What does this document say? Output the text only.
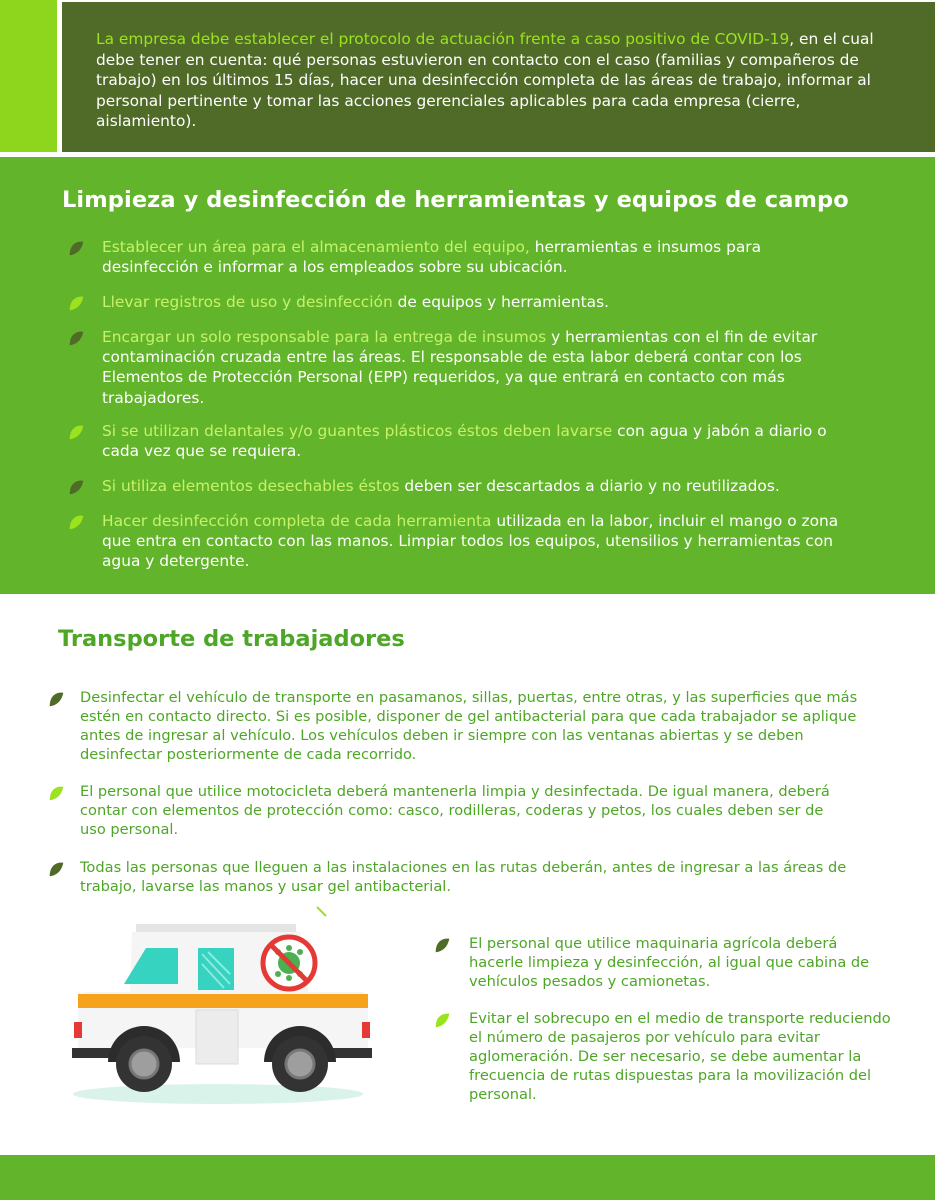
La empresa debe establecer el protocolo de actuación frente a caso positivo de COVID-19, en el cual debe tener en cuenta: qué personas estuvieron en contacto con el caso (familias y compañeros de trabajo) en los últimos 15 días, hacer una desinfección completa de las áreas de trabajo, informar al personal pertinente y tomar las acciones gerenciales aplicables para cada empresa (cierre, aislamiento).

Limpieza y desinfección de herramientas y equipos de campo

Establecer un área para el almacenamiento del equipo, herramientas e insumos para desinfección e informar a los empleados sobre su ubicación.

Llevar registros de uso y desinfección de equipos y herramientas.

Encargar un solo responsable para la entrega de insumos y herramientas con el fin de evitar contaminación cruzada entre las áreas. El responsable de esta labor deberá contar con los Elementos de Protección Personal (EPP) requeridos, ya que entrará en contacto con más trabajadores.

Si se utilizan delantales y/o guantes plásticos éstos deben lavarse con agua y jabón a diario o cada vez que se requiera.

Si utiliza elementos desechables éstos deben ser descartados a diario y no reutilizados.

Hacer desinfección completa de cada herramienta utilizada en la labor, incluir el mango o zona que entra en contacto con las manos. Limpiar todos los equipos, utensilios y herramientas con agua y detergente.

Transporte de trabajadores

Desinfectar el vehículo de transporte en pasamanos, sillas, puertas, entre otras, y las superficies que más estén en contacto directo. Si es posible, disponer de gel antibacterial para que cada trabajador se aplique antes de ingresar al vehículo. Los vehículos deben ir siempre con las ventanas abiertas y se deben desinfectar posteriormente de cada recorrido.

El personal que utilice motocicleta deberá mantenerla limpia y desinfectada. De igual manera, deberá contar con elementos de protección como: casco, rodilleras, coderas y petos, los cuales deben ser de uso personal.

Todas las personas que lleguen a las instalaciones en las rutas deberán, antes de ingresar a las áreas de trabajo, lavarse las manos y usar gel antibacterial.

El personal que utilice maquinaria agrícola deberá hacerle limpieza y desinfección, al igual que cabina de vehículos pesados y camionetas.

Evitar el sobrecupo en el medio de transporte reduciendo el número de pasajeros por vehículo para evitar aglomeración. De ser necesario, se debe aumentar la frecuencia de rutas dispuestas para la movilización del personal.
